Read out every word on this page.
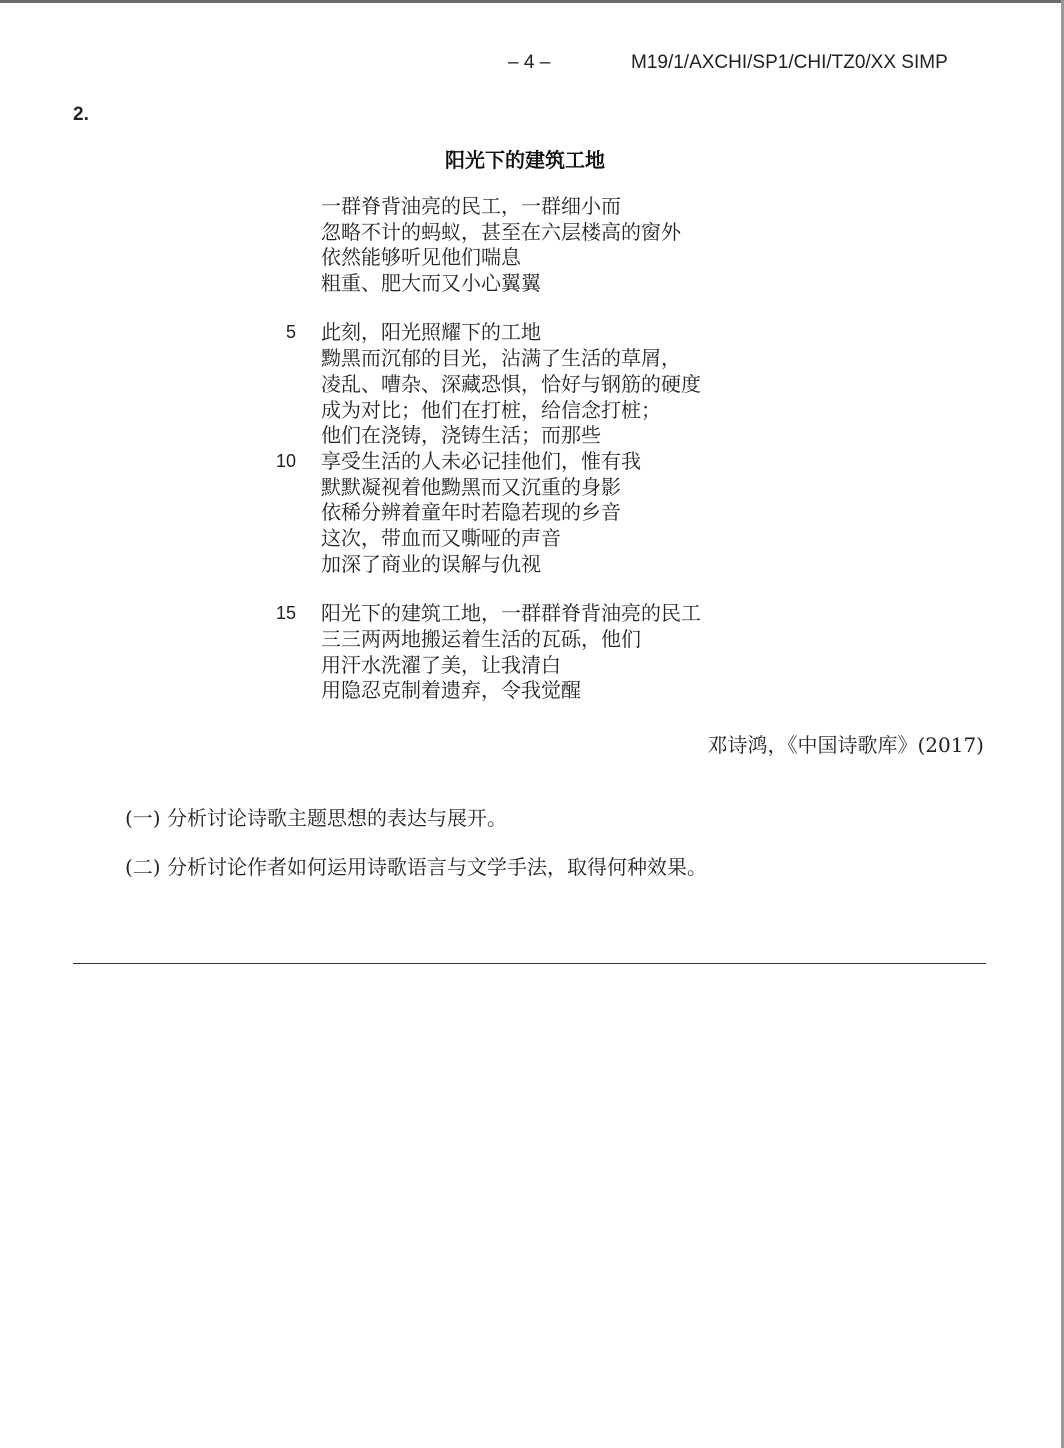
– 4 –	M19/1/AXCHI/SP1/CHI/TZ0/XX SIMP
2.
阳光下的建筑工地
一群脊背油亮的民工，一群细小而
忽略不计的蚂蚁，甚至在六层楼高的窗外
依然能够听见他们喘息
粗重、肥大而又小心翼翼
5 此刻，阳光照耀下的工地
黝黑而沉郁的目光，沾满了生活的草屑，
凌乱、嘈杂、深藏恐惧，恰好与钢筋的硬度
成为对比；他们在打桩，给信念打桩；
他们在浇铸，浇铸生活；而那些
10 享受生活的人未必记挂他们，惟有我
默默凝视着他黝黑而又沉重的身影
依稀分辨着童年时若隐若现的乡音
这次，带血而又嘶哑的声音
加深了商业的误解与仇视
15 阳光下的建筑工地，一群群脊背油亮的民工
三三两两地搬运着生活的瓦砾，他们
用汗水洗濯了美，让我清白
用隐忍克制着遗弃，令我觉醒
邓诗鸿，《中国诗歌库》(2017)
(一) 分析讨论诗歌主题思想的表达与展开。
(二) 分析讨论作者如何运用诗歌语言与文学手法，取得何种效果。
